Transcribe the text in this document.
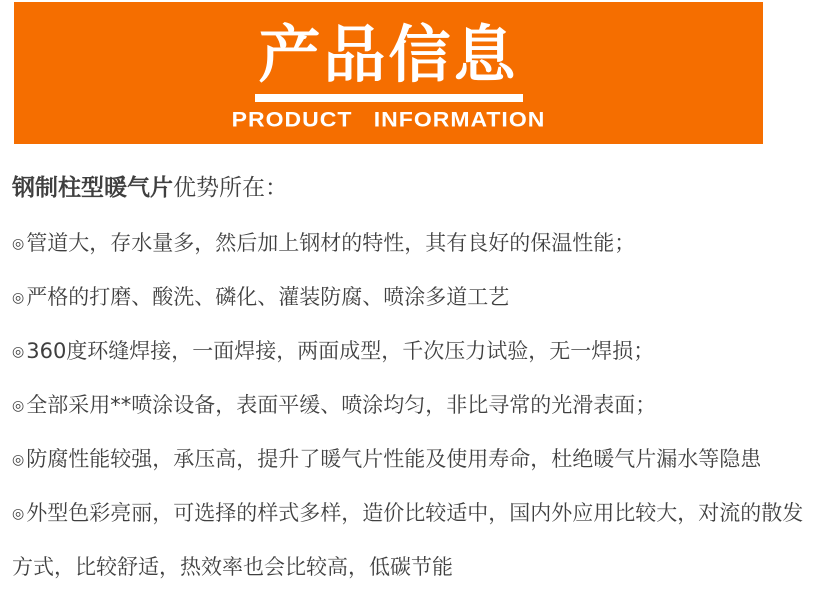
产品信息
PRODUCT INFORMATION

钢制柱型暖气片优势所在：

◎管道大，存水量多，然后加上钢材的特性，其有良好的保温性能；

◎严格的打磨、酸洗、磷化、灌装防腐、喷涂多道工艺

◎360度环缝焊接，一面焊接，两面成型，千次压力试验，无一焊损；

◎全部采用**喷涂设备，表面平缓、喷涂均匀，非比寻常的光滑表面；

◎防腐性能较强，承压高，提升了暖气片性能及使用寿命，杜绝暖气片漏水等隐患

◎外型色彩亮丽，可选择的样式多样，造价比较适中，国内外应用比较大，对流的散发方式，比较舒适，热效率也会比较高，低碳节能
